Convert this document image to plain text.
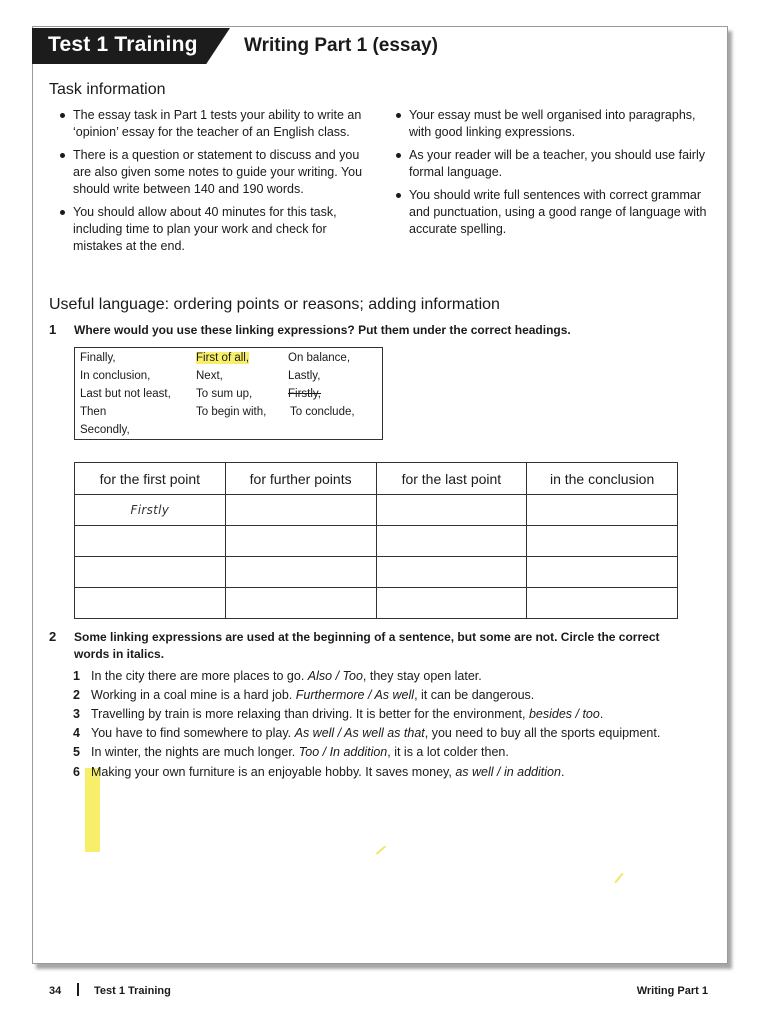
Test 1 Training Writing Part 1 (essay)
Task information
The essay task in Part 1 tests your ability to write an ‘opinion’ essay for the teacher of an English class.
There is a question or statement to discuss and you are also given some notes to guide your writing. You should write between 140 and 190 words.
You should allow about 40 minutes for this task, including time to plan your work and check for mistakes at the end.
Your essay must be well organised into paragraphs, with good linking expressions.
As your reader will be a teacher, you should use fairly formal language.
You should write full sentences with correct grammar and punctuation, using a good range of language with accurate spelling.
Useful language: ordering points or reasons; adding information
1 Where would you use these linking expressions? Put them under the correct headings.
Finally,
In conclusion,
Last but not least,
Then
Secondly,
First of all,
Next,
To sum up,
To begin with,
On balance,
Lastly,
Firstly,
To conclude,
for the first point	for further points	for the last point	in the conclusion
Firstly			

2 Some linking expressions are used at the beginning of a sentence, but some are not. Circle the correct words in italics.
1 In the city there are more places to go. Also / Too, they stay open later.
2 Working in a coal mine is a hard job. Furthermore / As well, it can be dangerous.
3 Travelling by train is more relaxing than driving. It is better for the environment, besides / too.
4 You have to find somewhere to play. As well / As well as that, you need to buy all the sports equipment.
5 In winter, the nights are much longer. Too / In addition, it is a lot colder then.
6 Making your own furniture is an enjoyable hobby. It saves money, as well / in addition.
34	Test 1 Training	Writing Part 1
